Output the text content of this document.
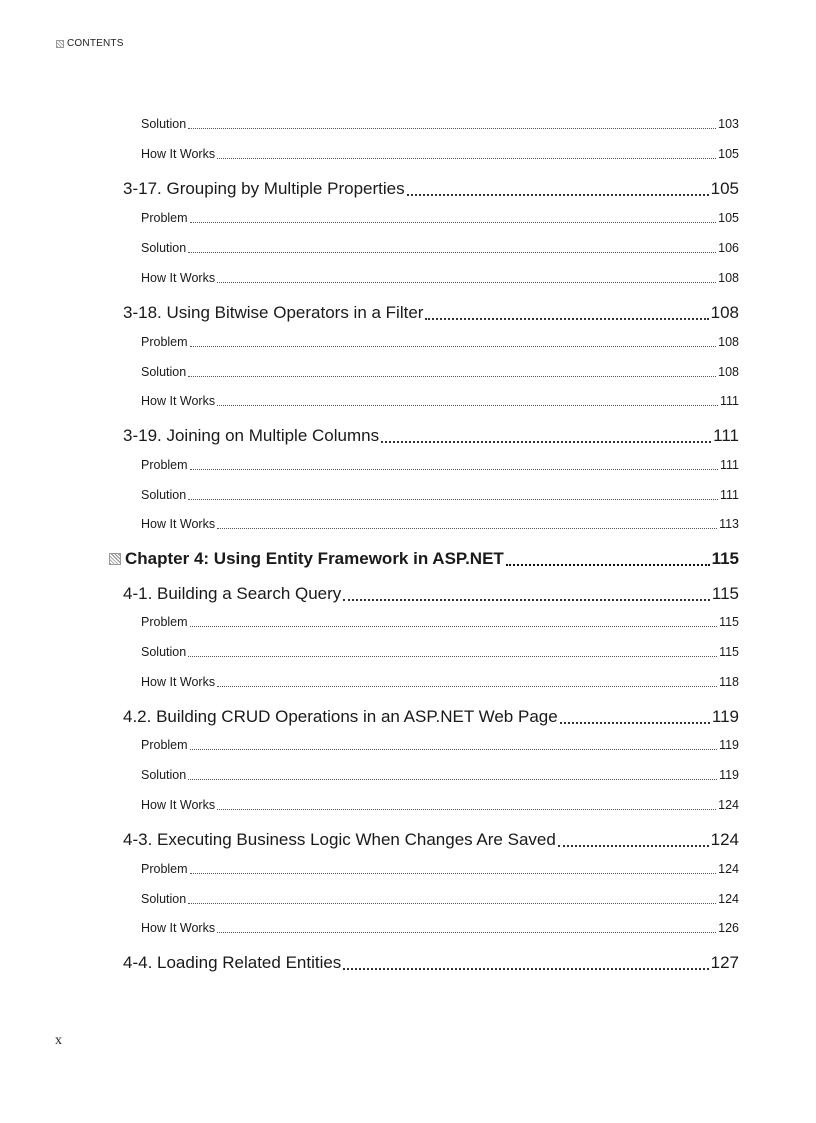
CONTENTS
Solution	103
How It Works	105
3-17. Grouping by Multiple Properties	105
Problem	105
Solution	106
How It Works	108
3-18. Using Bitwise Operators in a Filter	108
Problem	108
Solution	108
How It Works	111
3-19. Joining on Multiple Columns	111
Problem	111
Solution	111
How It Works	113
Chapter 4: Using Entity Framework in ASP.NET	115
4-1. Building a Search Query	115
Problem	115
Solution	115
How It Works	118
4.2. Building CRUD Operations in an ASP.NET Web Page	119
Problem	119
Solution	119
How It Works	124
4-3. Executing Business Logic When Changes Are Saved	124
Problem	124
Solution	124
How It Works	126
4-4. Loading Related Entities	127
x
